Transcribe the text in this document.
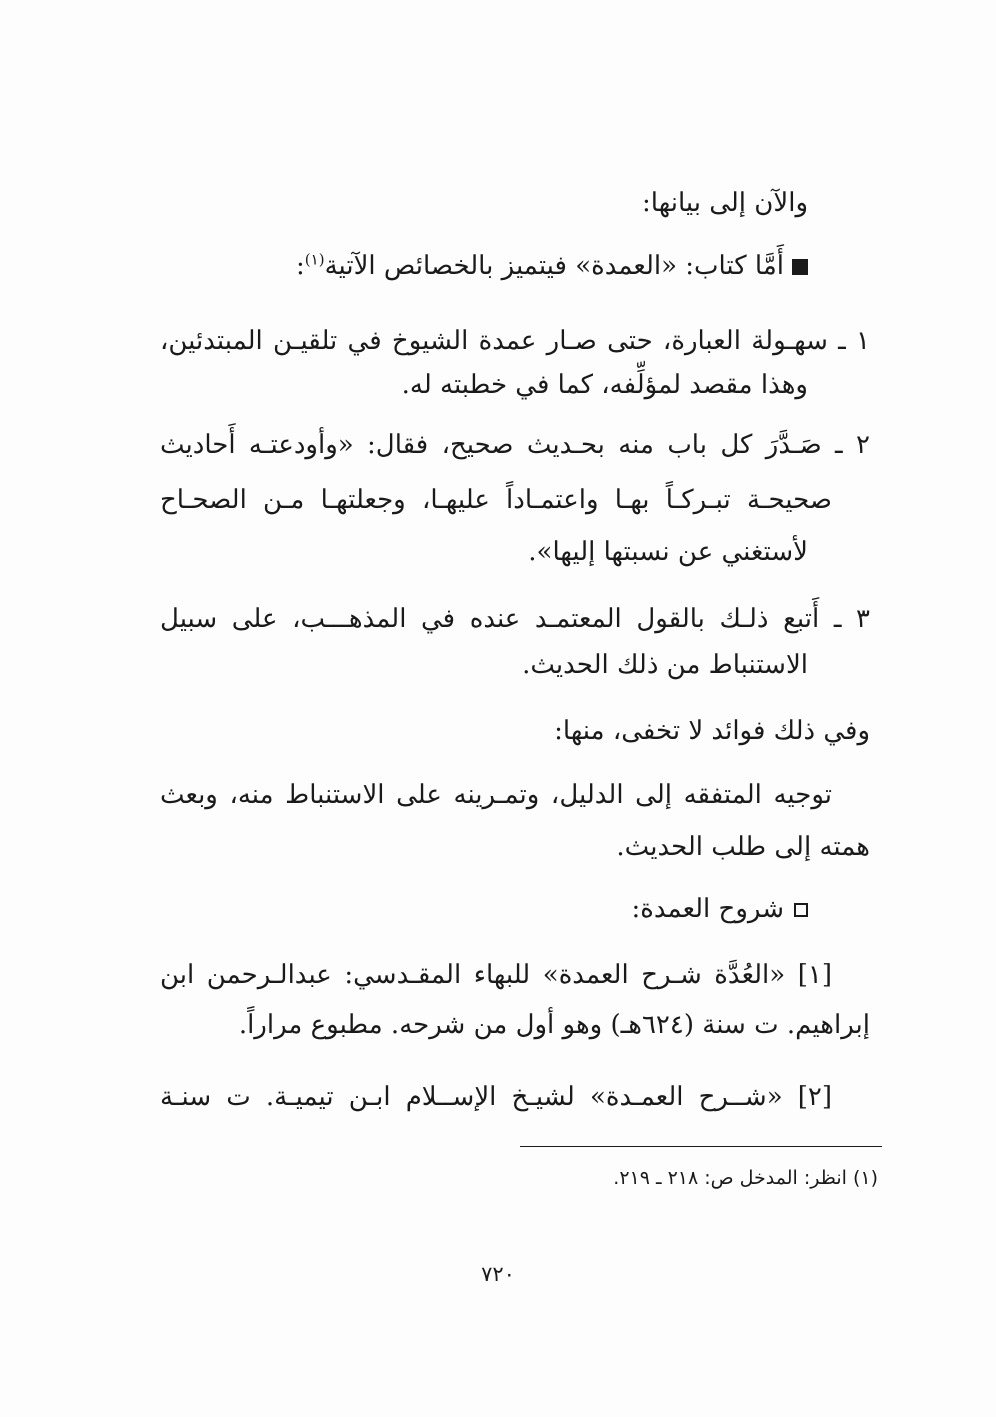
والآن إلى بيانها:
أَمَّا كتاب: «العمدة» فيتميز بالخصائص الآتية$^{(١)}$:
١ ـ سهـولة العبارة، حتى صـار عمدة الشيوخ في تلقيـن المبتدئين،
وهذا مقصد لمؤلِّفه، كما في خطبته له.
٢ ـ صَـدَّرَ كل باب منه بحـديث صحيح، فقال: «وأودعتـه أَحاديث
صحيحـة تبـركـاً بهـا واعتمـاداً عليهـا، وجعلتهـا مـن الصحـاح
لأستغني عن نسبتها إليها».
٣ ـ أَتبع ذلـك بالقول المعتمـد عنده في المذهـــب، على سبيل
الاستنباط من ذلك الحديث.
وفي ذلك فوائد لا تخفى، منها:
توجيه المتفقه إلى الدليل، وتمـرينه على الاستنباط منه، وبعث
همته إلى طلب الحديث.
شروح العمدة:
[١] «العُدَّة شـرح العمدة» للبهاء المقـدسي: عبدالـرحمن ابن
إبراهيم. ت سنة (٦٢٤هـ) وهو أول من شرحه. مطبوع مراراً.
[٢] «شــرح العمـدة» لشيـخ الإســلام ابـن تيميـة. ت سنـة
(١) انظر: المدخل ص: ٢١٨ ـ ٢١٩.
٧٢٠
